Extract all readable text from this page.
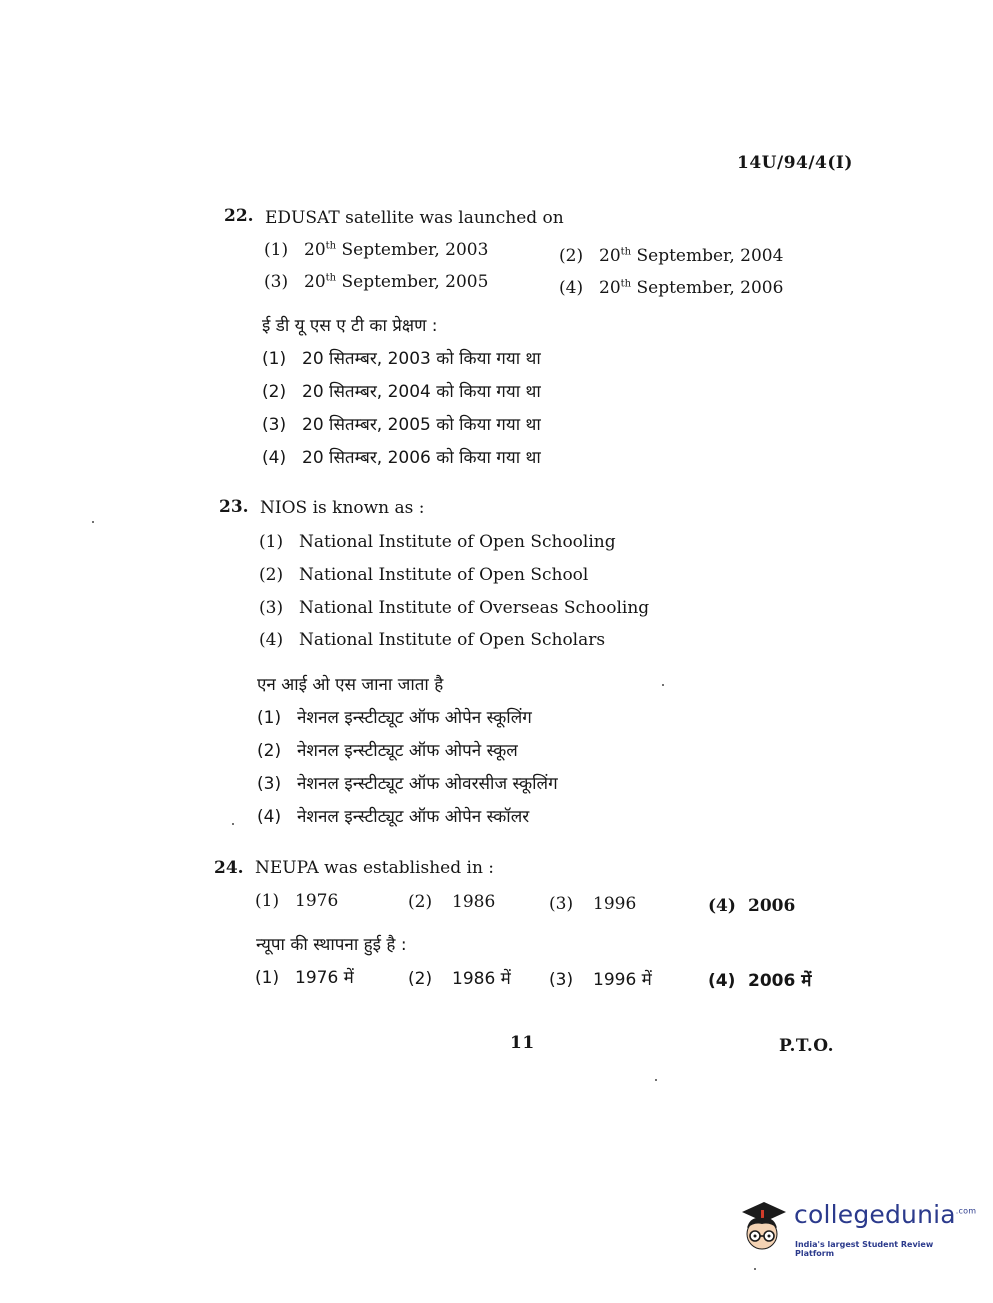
14U/94/4(I)
22. EDUSAT satellite was launched on
(1) 20th September, 2003	(2) 20th September, 2004
(3) 20th September, 2005	(4) 20th September, 2006
ई डी यू एस ए टी का प्रेक्षण :
(1) 20 सितम्बर, 2003 को किया गया था
(2) 20 सितम्बर, 2004 को किया गया था
(3) 20 सितम्बर, 2005 को किया गया था
(4) 20 सितम्बर, 2006 को किया गया था
23. NIOS is known as :
(1) National Institute of Open Schooling
(2) National Institute of Open School
(3) National Institute of Overseas Schooling
(4) National Institute of Open Scholars
एन आई ओ एस जाना जाता है
(1) नेशनल इन्स्टीट्यूट ऑफ ओपेन स्कूलिंग
(2) नेशनल इन्स्टीट्यूट ऑफ ओपने स्कूल
(3) नेशनल इन्स्टीट्यूट ऑफ ओवरसीज स्कूलिंग
(4) नेशनल इन्स्टीट्यूट ऑफ ओपेन स्कॉलर
24. NEUPA was established in :
(1) 1976	(2) 1986	(3) 1996	(4) 2006
न्यूपा की स्थापना हुई है :
(1) 1976 में	(2) 1986 में (3) 1996 में	(4) 2006 में
11	P.T.O.
collegedunia$^{.com}$
India's largest Student Review Platform
